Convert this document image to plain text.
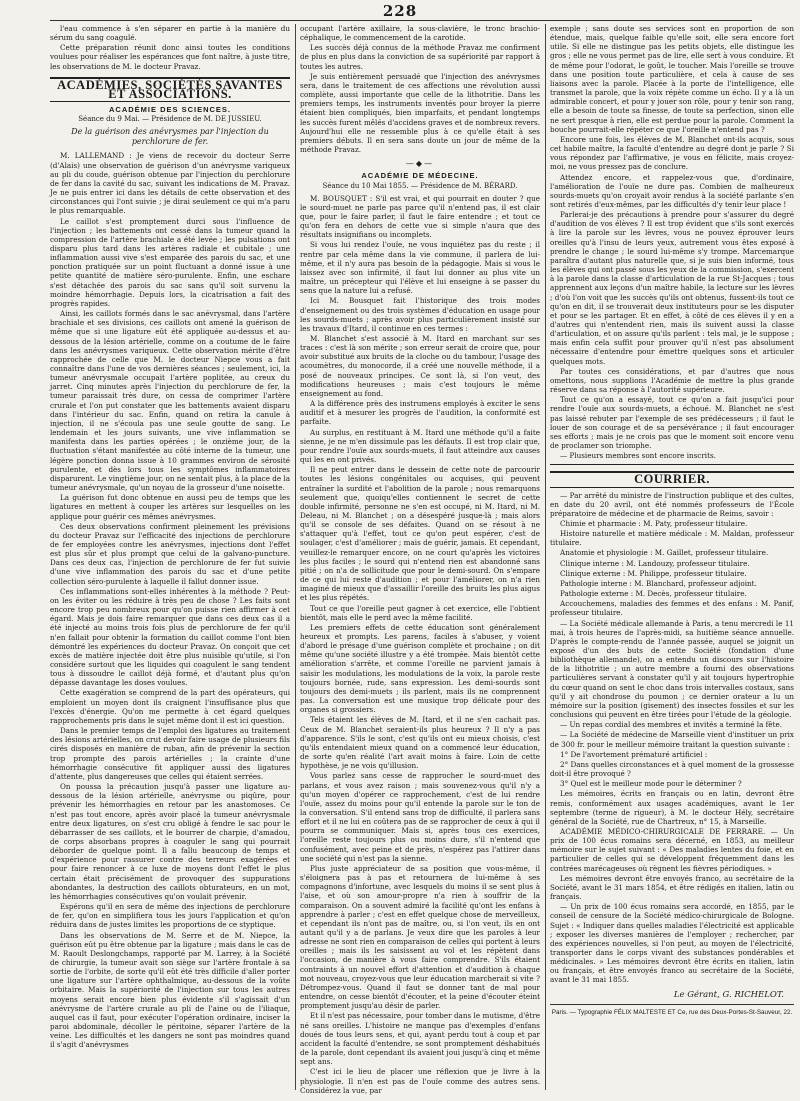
228

l'eau commence à s'en séparer en partie à la manière du sérum du sang coagulé.

Cette préparation réunit donc ainsi toutes les conditions voulues pour réaliser les espérances que font naître, à juste titre, les observations de M. le docteur Pravaz.

ACADÉMIES, SOCIÉTÉS SAVANTES ET ASSOCIATIONS.
ACADÉMIE DES SCIENCES.
Séance du 9 Mai. — Présidence de M. DE JUSSIEU.
De la guérison des anévrysmes par l'injection du perchlorure de fer.

M. LALLEMAND : Je viens de recevoir du docteur Serre (d'Alais) une observation de guérison d'un anévrysme variqueux au pli du coude, guérison obtenue par l'injection du perchlorure de fer dans la cavité du sac, suivant les indications de M. Pravaz. Je ne puis entrer ici dans les détails de cette observation et des circonstances qui l'ont suivie ; je dirai seulement ce qui m'a paru le plus remarquable.

Le caillot s'est promptement durci sous l'influence de l'injection ; les battements ont cessé dans la tumeur quand la compression de l'artère brachiale a été levée ; les pulsations ont disparu plus tard dans les artères radiale et cubitale ; une inflammation aussi vive s'est emparée des parois du sac, et une ponction pratiquée sur un point fluctuant a donné issue à une petite quantité de matière séro-purulente. Enfin, une eschare s'est détachée des parois du sac sans qu'il soit survenu la moindre hémorrhagie. Depuis lors, la cicatrisation a fait des progrès rapides.

Ainsi, les caillots formés dans le sac anévrysmal, dans l'artère brachiale et ses divisions, ces caillots ont amené la guérison de même que si une ligature eût été appliquée au-dessus et au-dessous de la lésion artérielle, comme on a coutume de le faire dans les anévrysmes variqueux. Cette observation mérite d'être rapprochée de celle que M. le docteur Niepce vous a fait connaître dans l'une de vos dernières séances ; seulement, ici, la tumeur anévrysmale occupait l'artère poplitée, au creux du jarret. Cinq minutes après l'injection du perchlorure de fer, la tumeur paraissait très dure, on cessa de comprimer l'artère crurale et l'on put constater que les battements avaient disparu dans l'intérieur du sac. Enfin, quand on retira la canule à injection, il ne s'écoula pas une seule goutte de sang. Le lendemain et les jours suivants, une vive inflammation se manifesta dans les parties opérées ; le onzième jour, de la fluctuation s'étant manifestée au côté interne de la tumeur, une légère ponction donna issue à 10 grammes environ de sérosité purulente, et dès lors tous les symptômes inflammatoires disparurent. Le vingtième jour, on ne sentait plus, à la place de la tumeur anévrysmale, qu'un noyau de la grosseur d'une noisette.

La guérison fut donc obtenue en aussi peu de temps que les ligatures en mettent à couper les artères sur lesquelles on les applique pour guérir ces mêmes anévrysmes.

Ces deux observations confirment pleinement les prévisions du docteur Pravaz sur l'efficacité des injections de perchlorure de fer employées contre les anévrysmes, injections dont l'effet est plus sûr et plus prompt que celui de la galvano-puncture. Dans ces deux cas, l'injection de perchlorure de fer fut suivie d'une vive inflammation des parois du sac et d'une petite collection séro-purulente à laquelle il fallut donner issue.

Ces inflammations sont-elles inhérentes à la méthode ? Peut-on les éviter ou les réduire à très peu de chose ? Les faits sont encore trop peu nombreux pour qu'on puisse rien affirmer à cet égard. Mais je dois faire remarquer que dans ces deux cas il a été injecté au moins trois fois plus de perchlorure de fer qu'il n'en fallait pour obtenir la formation du caillot comme l'ont bien démontré les expériences du docteur Pravaz. On conçoit que cet excès de matière injectée doit être plus nuisible qu'utile, si l'on considère surtout que les liquides qui coagulent le sang tendent tous à dissoudre le caillot déjà formé, et d'autant plus qu'on dépasse davantage les doses voulues.

Cette exagération se comprend de la part des opérateurs, qui emploient un moyen dont ils craignent l'insuffisance plus que l'excès d'énergie. Qu'on me permette à cet égard quelques rapprochements pris dans le sujet même dont il est ici question.

Dans le premier temps de l'emploi des ligatures au traitement des lésions artérielles, on crut devoir faire usage de plusieurs fils cirés disposés en manière de ruban, afin de prévenir la section trop prompte des parois artérielles ; la crainte d'une hémorrhagie consécutive fit appliquer aussi des ligatures d'attente, plus dangereuses que celles qui étaient serrées.

On poussa la précaution jusqu'à passer une ligature au-dessous de la lésion artérielle, anévrysme ou piqûre, pour prévenir les hémorrhagies en retour par les anastomoses. Ce n'est pas tout encore, après avoir placé la tumeur anévrysmale entre deux ligatures, on s'est cru obligé à fendre le sac pour le débarrasser de ses caillots, et le bourrer de charpie, d'amadou, de corps absorbans propres à coaguler le sang qui pourrait déborder de quelque point. Il a fallu beaucoup de temps et d'expérience pour rassurer contre des terreurs exagérées et pour faire renoncer à ce luxe de moyens dont l'effet le plus certain était précisément de provoquer des suppurations abondantes, la destruction des caillots obturateurs, en un mot, les hémorrhagies consécutives qu'on voulait prévenir.

Espérons qu'il en sera de même des injections de perchlorure de fer, qu'on en simplifiera tous les jours l'application et qu'on réduira dans de justes limites les proportions de ce styptique.

Dans les observations de M. Serre et de M. Niepce, la guérison eût pu être obtenue par la ligature ; mais dans le cas de M. Raoult Deslongchamps, rapporté par M. Larrey, à la Société de chirurgie, la tumeur avait son siège sur l'artère frontale à sa sortie de l'orbite, de sorte qu'il eût été très difficile d'aller porter une ligature sur l'artère ophthalmique, au-dessous de la voûte orbitaire. Mais la supériorité de l'injection sur tous les autres moyens serait encore bien plus évidente s'il s'agissait d'un anévrysme de l'artère crurale au pli de l'aine ou de l'iliaque, auquel cas il faut, pour exécuter l'opération ordinaire, inciser la paroi abdominale, décoller le péritoine, séparer l'artère de la veine. Les difficultés et les dangers ne sont pas moindres quand il s'agit d'anévrysmes

occupant l'artère axillaire, la sous-clavière, le tronc brachio-céphalique, le commencement de la carotide.

Les succès déjà connus de la méthode Pravaz me confirment de plus en plus dans la conviction de sa supériorité par rapport à toutes les autres.

Je suis entièrement persuadé que l'injection des anévrysmes sera, dans le traitement de ces affections une révolution aussi complète, aussi importante que celle de la lithotritie. Dans les premiers temps, les instruments inventés pour broyer la pierre étaient bien compliqués, bien imparfaits, et pendant longtemps les succès furent mêlés d'accidens graves et de nombreux revers. Aujourd'hui elle ne ressemble plus à ce qu'elle était à ses premiers débuts. Il en sera sans doute un jour de même de la méthode Pravaz.

—◆—
ACADÉMIE DE MÉDECINE.
Séance du 10 Mai 1855. — Présidence de M. BÉRARD.

M. BOUSQUET : S'il est vrai, et qui pourrait en douter ? que le sourd-muet ne parle pas parce qu'il n'entend pas, il est clair que, pour le faire parler, il faut le faire entendre ; et tout ce qu'on fera en dehors de cette vue si simple n'aura que des résultats insignifians ou incomplets.

Si vous lui rendez l'ouïe, ne vous inquiétez pas du reste ; il rentre par cela même dans la vie commune, il parlera de lui-même, et il n'y aura pas besoin de la pédagogie. Mais si vous le laissez avec son infirmité, il faut lui donner au plus vite un maître, un précepteur qui l'élève et lui enseigne à se passer du sens que la nature lui a refusé.

Ici M. Bousquet fait l'historique des trois modes d'enseignement ou des trois systèmes d'éducation en usage pour les sourds-muets ; après avoir plus particulièrement insisté sur les travaux d'Itard, il continue en ces termes :

M. Blanchet s'est associé à M. Itard en marchant sur ses traces : c'est là son mérite ; son erreur serait de croire que, pour avoir substitué aux bruits de la cloche ou du tambour, l'usage des acoumètres, du monocorde, il a créé une nouvelle méthode, il a posé de nouveaux principes. Ce sont là, si l'on veut, des modifications heureuses ; mais c'est toujours le même enseignement au fond.

A la différence près des instrumens employés à exciter le sens auditif et à mesurer les progrès de l'audition, la conformité est parfaite.

Au surplus, en restituant à M. Itard une méthode qu'il a faite sienne, je ne m'en dissimule pas les défauts. Il est trop clair que, pour rendre l'ouïe aux sourds-muets, il faut atteindre aux causes qui les en ont privés.

Il ne peut entrer dans le dessein de cette note de parcourir toutes les lésions congénitales ou acquises, qui peuvent entraîner la surdité et l'abolition de la parole ; nous remarquons seulement que, quoiqu'elles contiennent le secret de cette double infirmité, personne ne s'en est occupé, ni M. Itard, ni M. Deleau, ni M. Blanchet ; on a désespéré jusque-là ; mais alors qu'il se console de ses défaites. Quand on se résout à ne s'attaquer qu'à l'effet, tout ce qu'on peut espérer, c'est de soulager, c'est d'améliorer ; mais de guérir, jamais. Et cependant, veuillez-le remarquer encore, on ne court qu'après les victoires les plus faciles ; le sourd qui n'entend rien est abandonné sans pitié ; on n'a de sollicitude que pour le demi-sourd. On s'empare de ce qui lui reste d'audition ; et pour l'améliorer, on n'a rien imaginé de mieux que d'assaillir l'oreille des bruits les plus aigus et les plus répétés.

Tout ce que l'oreille peut gagner à cet exercice, elle l'obtient bientôt, mais elle le perd avec la même facilité.

Les premiers effets de cette éducation sont généralement heureux et prompts. Les parens, faciles à s'abuser, y voient d'abord le présage d'une guérison complète et prochaine ; on dit même qu'une société illustre y a été trompée. Mais bientôt cette amélioration s'arrête, et comme l'oreille ne parvient jamais à saisir les modulations, les modulations de la voix, la parole reste toujours bornée, rude, sans expression. Les demi-sourds sont toujours des demi-muets ; ils parlent, mais ils ne comprennent pas. La conversation est une musique trop délicate pour des organes si grossiers.

Tels étaient les élèves de M. Itard, et il ne s'en cachait pas. Ceux de M. Blanchet seraient-ils plus heureux ? Il n'y a pas d'apparence. S'ils le sont, c'est qu'ils ont eu mieux choisis, c'est qu'ils entendaient mieux quand on a commencé leur éducation, de sorte qu'en réalité l'art avait moins à faire. Loin de cette hypothèse, je ne vois qu'illusion.

Vous parlez sans cesse de rapprocher le sourd-muet des parlans, et vous avez raison ; mais souvenez-vous qu'il n'y a qu'un moyen d'opérer ce rapprochement, c'est de lui rendre l'ouïe, assez du moins pour qu'il entende la parole sur le ton de la conversation. S'il entend sans trop de difficulté, il parlera sans effort et il ne lui en coûtera pas de se rapprocher de ceux à qui il pourra se communiquer. Mais si, après tous ces exercices, l'oreille reste toujours plus ou moins dure, s'il n'entend que confusément, avec peine et de près, n'espérez pas l'attirer dans une société qui n'est pas la sienne.

Plus juste appréciateur de sa position que vous-même, il s'éloignera pas à pas et retournera de lui-même à ses compagnons d'infortune, avec lesquels du moins il se sent plus à l'aise, et où son amour-propre n'a rien à souffrir de la comparaison. On a souvent admiré la facilité qu'ont les enfans à apprendre à parler ; c'est en effet quelque chose de merveilleux, et cependant ils n'ont pas de maître, ou, si l'on veut, ils en ont autant qu'il y a de parlans. Je veux dire que les paroles à leur adresse ne sont rien en comparaison de celles qui portent à leurs oreilles ; mais ils les saisissent au vol et les répètent dans l'occasion, de manière à vous faire comprendre. S'ils étaient contraints à un nouvel effort d'attention et d'audition à chaque mot nouveau, croyez-vous que leur éducation marcherait si vite ? Détrompez-vous. Quand il faut se donner tant de mal pour entendre, on cesse bientôt d'écouter, et la peine d'écouter éteint promptement jusqu'au désir de parler.

Et il n'est pas nécessaire, pour tomber dans le mutisme, d'être né sans oreilles. L'histoire ne manque pas d'exemples d'enfans doués de tous leurs sens, et qui, ayant perdu tout à coup et par accident la faculté d'entendre, se sont promptement déshabitués de la parole, dont cependant ils avaient joui jusqu'à cinq et même sept ans.

C'est ici le lieu de placer une réflexion que je livre à la physiologie. Il n'en est pas de l'ouïe comme des autres sens. Considérez la vue, par

exemple ; sans doute ses services sont en proportion de son étendue, mais, quelque faible qu'elle soit, elle sera encore fort utile. Si elle ne distingue pas les petits objets, elle distingue les gros ; elle ne vous permet pas de lire, elle sert à vous conduire. Et de même pour l'odorat, le goût, le toucher. Mais l'oreille se trouve dans une position toute particulière, et cela à cause de ses liaisons avec la parole. Placée à la porte de l'intelligence, elle transmet la parole, que la voix répète comme un écho. Il y a là un admirable concert, et pour y jouer son rôle, pour y tenir son rang, elle a besoin de toute sa finesse, de toute sa perfection, sinon elle ne sert presque à rien, elle est perdue pour la parole. Comment la bouche pourrait-elle répéter ce que l'oreille n'entend pas ?

Encore une fois, les élèves de M. Blanchet ont-ils acquis, sous cet habile maître, la faculté d'entendre au degré dont je parle ? Si vous répondez par l'affirmative, je vous en félicite, mais croyez-moi, ne vous pressez pas de conclure.

Attendez encore, et rappelez-vous que, d'ordinaire, l'amélioration de l'ouïe ne dure pas. Combien de malheureux sourds-muets qu'on croyait avoir rendus à la société parlante s'en sont retirés d'eux-mêmes, par les difficultés d'y tenir leur place !

Parlerai-je des précautions à prendre pour s'assurer du degré d'audition de vos élèves ? Il est trop évident que s'ils sont exercés à lire la parole sur les lèvres, vous ne pouvez éprouver leurs oreilles qu'à l'insu de leurs yeux, autrement vous êtes exposé à prendre le change ; le sourd lui-même s'y trompe. Marcemarque paraîtra d'autant plus naturelle que, si je suis bien informé, tous les élèves qui ont passé sous les yeux de la commission, s'exercent à la parole dans la classe d'articulation de la rue St-Jacques ; tous apprennent aux leçons d'un maître habile, la lecture sur les lèvres ; d'où l'on voit que les succès qu'ils ont obtenus, fussent-ils tout ce qu'on en dit, il se trouverait deux instituteurs pour se les disputer et pour se les partager. Et en effet, à côté de ces élèves il y en a d'autres qui n'entendent rien, mais ils suivent aussi la classe d'articulation, et on assure qu'ils parlent : tels mal, je le suppose ; mais enfin cela suffit pour prouver qu'il n'est pas absolument nécessaire d'entendre pour émettre quelques sons et articuler quelques mots.

Par toutes ces considérations, et par d'autres que nous omettons, nous supplions l'Académie de mettre la plus grande réserve dans sa réponse à l'autorité supérieure.

Tout ce qu'on a essayé, tout ce qu'on a fait jusqu'ici pour rendre l'ouïe aux sourds-muets, a échoué. M. Blanchet ne s'est pas laissé rebuter par l'exemple de ses prédécesseurs ; il faut le louer de son courage et de sa persévérance ; il faut encourager ses efforts ; mais je ne crois pas que le moment soit encore venu de proclamer son triomphe.

— Plusieurs membres sont encore inscrits.

COURRIER.

— Par arrêté du ministre de l'instruction publique et des cultes, en date du 20 avril, ont été nommés professeurs de l'École préparatoire de médecine et de pharmacie de Reims, savoir :

Chimie et pharmacie : M. Paty, professeur titulaire.

Histoire naturelle et matière médicale : M. Maldan, professeur titulaire.

Anatomie et physiologie : M. Gaillet, professeur titulaire.

Clinique interne : M. Landouzy, professeur titulaire.

Clinique externe : M. Philippe, professeur titulaire.

Pathologie interne : M. Blanchard, professeur adjoint.

Pathologie externe : M. Decès, professeur titulaire.

Accouchemens, maladies des femmes et des enfans : M. Panif, professeur titulaire.

— La Société médicale allemande à Paris, a tenu mercredi le 11 mai, à trois heures de l'après-midi, sa huitième séance annuelle. D'après le compte-rendu de l'année passée, auquel se joignit un exposé d'un des buts de cette Société (fondation d'une bibliothèque allemande), on a entendu un discours sur l'histoire de la lithotritie ; un autre membre a fourni des observations particulières servant à constater qu'il y ait toujours hypertrophie du cœur quand on sent le choc dans trois intervalles costaux, sans qu'il y ait chondrose du poumon ; ce dernier orateur a lu un mémoire sur la position (gisement) des insectes fossiles et sur les conclusions qui peuvent en être tirées pour l'étude de la géologie.

— Un repas cordial des membres et invités a terminé la fête.

— La Société de médecine de Marseille vient d'instituer un prix de 300 fr. pour le meilleur mémoire traitant la question suivante :

1° De l'avortement prématuré artificiel :

2° Dans quelles circonstances et à quel moment de la grossesse doit-il être provoqué ?

3° Quel est le meilleur mode pour le déterminer ?

Les mémoires, écrits en français ou en latin, devront être remis, conformément aux usages académiques, avant le 1er septembre (terme de rigueur), à M. le docteur Hély, secrétaire général de la Société, rue de Chartreux, n° 15, à Marseille.

ACADÉMIE MÉDICO-CHIRURGICALE DE FERRARE. — Un prix de 100 écus romains sera décerné, en 1853, au meilleur mémoire sur le sujet suivant : « Des maladies lentes du foie, et en particulier de celles qui se développent fréquemment dans les contrées marécageuses où règnent les fièvres périodiques. »

Les mémoires devront être envoyés franco, au secrétaire de la Société, avant le 31 mars 1854, et être rédigés en italien, latin ou français.

— Un prix de 100 écus romains sera accordé, en 1855, par le conseil de censure de la Société médico-chirurgicale de Bologne. Sujet : « Indiquer dans quelles maladies l'électricité est applicable ; exposer les diverses manières de l'employer ; rechercher, par des expériences nouvelles, si l'on peut, au moyen de l'électricité, transporter dans le corps vivant des substances pondérables et médicinales. » Les mémoires devront être écrits en italien, latin ou français, et être envoyés franco au secrétaire de la Société, avant le 31 mai 1855.

Le Gérant, G. RICHELOT.
Paris. — Typographie FÉLIX MALTESTE ET Ce, rue des Deux-Portes-St-Sauveur, 22.
